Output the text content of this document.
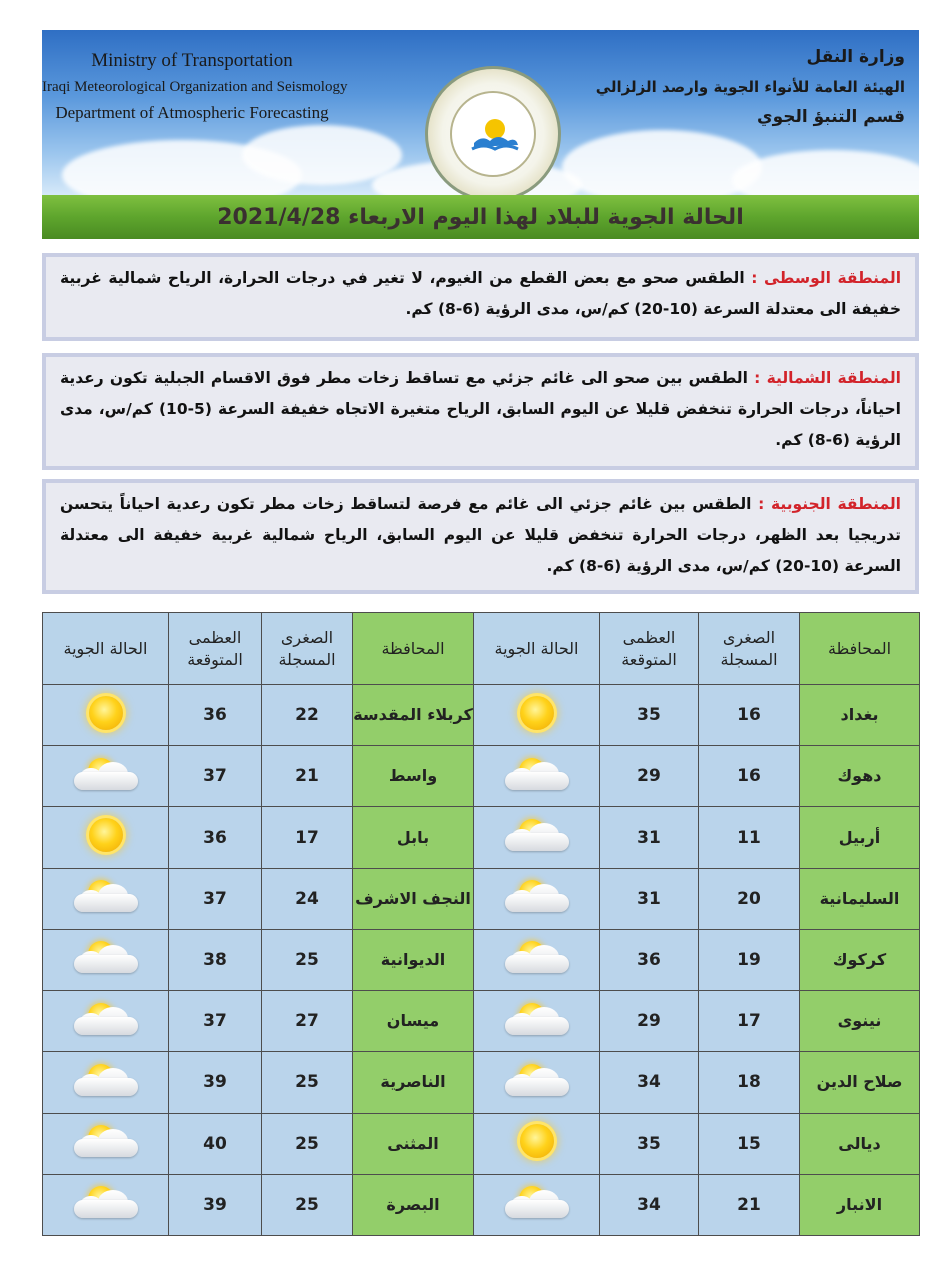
Ministry of Transportation
Iraqi Meteorological Organization and Seismology
Department of Atmospheric Forecasting
وزارة النقل
الهيئة العامة للأنواء الجوية وارصد الزلزالي
قسم التنبؤ الجوي
الحالة الجوية للبلاد لهذا اليوم الاربعاء 2021/4/28
المنطقة الوسطى : الطقس صحو مع بعض القطع من الغيوم، لا تغير في درجات الحرارة، الرياح شمالية غربية خفيفة الى معتدلة السرعة (10-20) كم/س، مدى الرؤية (6-8) كم.
المنطقة الشمالية : الطقس بين صحو الى غائم جزئي مع تساقط زخات مطر فوق الاقسام الجبلية تكون رعدية احياناً، درجات الحرارة تنخفض قليلا عن اليوم السابق، الرياح متغيرة الاتجاه خفيفة السرعة (5-10) كم/س، مدى الرؤية (6-8) كم.
المنطقة الجنوبية : الطقس بين غائم جزئي الى غائم مع فرصة لتساقط زخات مطر تكون رعدية احياناً يتحسن تدريجيا بعد الظهر، درجات الحرارة تنخفض قليلا عن اليوم السابق، الرياح شمالية غربية خفيفة الى معتدلة السرعة (10-20) كم/س، مدى الرؤية (6-8) كم.
الحالة الجوية	العظمى المتوقعة	الصغرى المسجلة	المحافظة	الحالة الجوية	العظمى المتوقعة	الصغرى المسجلة	المحافظة
	36	22	كربلاء المقدسة		35	16	بغداد

	37	21	واسط		29	16	دهوك
	36	17	بابل		31	11	أربيل

	37	24	النجف الاشرف		31	20	السليمانية

	38	25	الديوانية		36	19	كركوك

	37	27	ميسان		29	17	نينوى

	39	25	الناصرية		34	18	صلاح الدين

	40	25	المثنى		35	15	ديالى

	39	25	البصرة		34	21	الانبار
